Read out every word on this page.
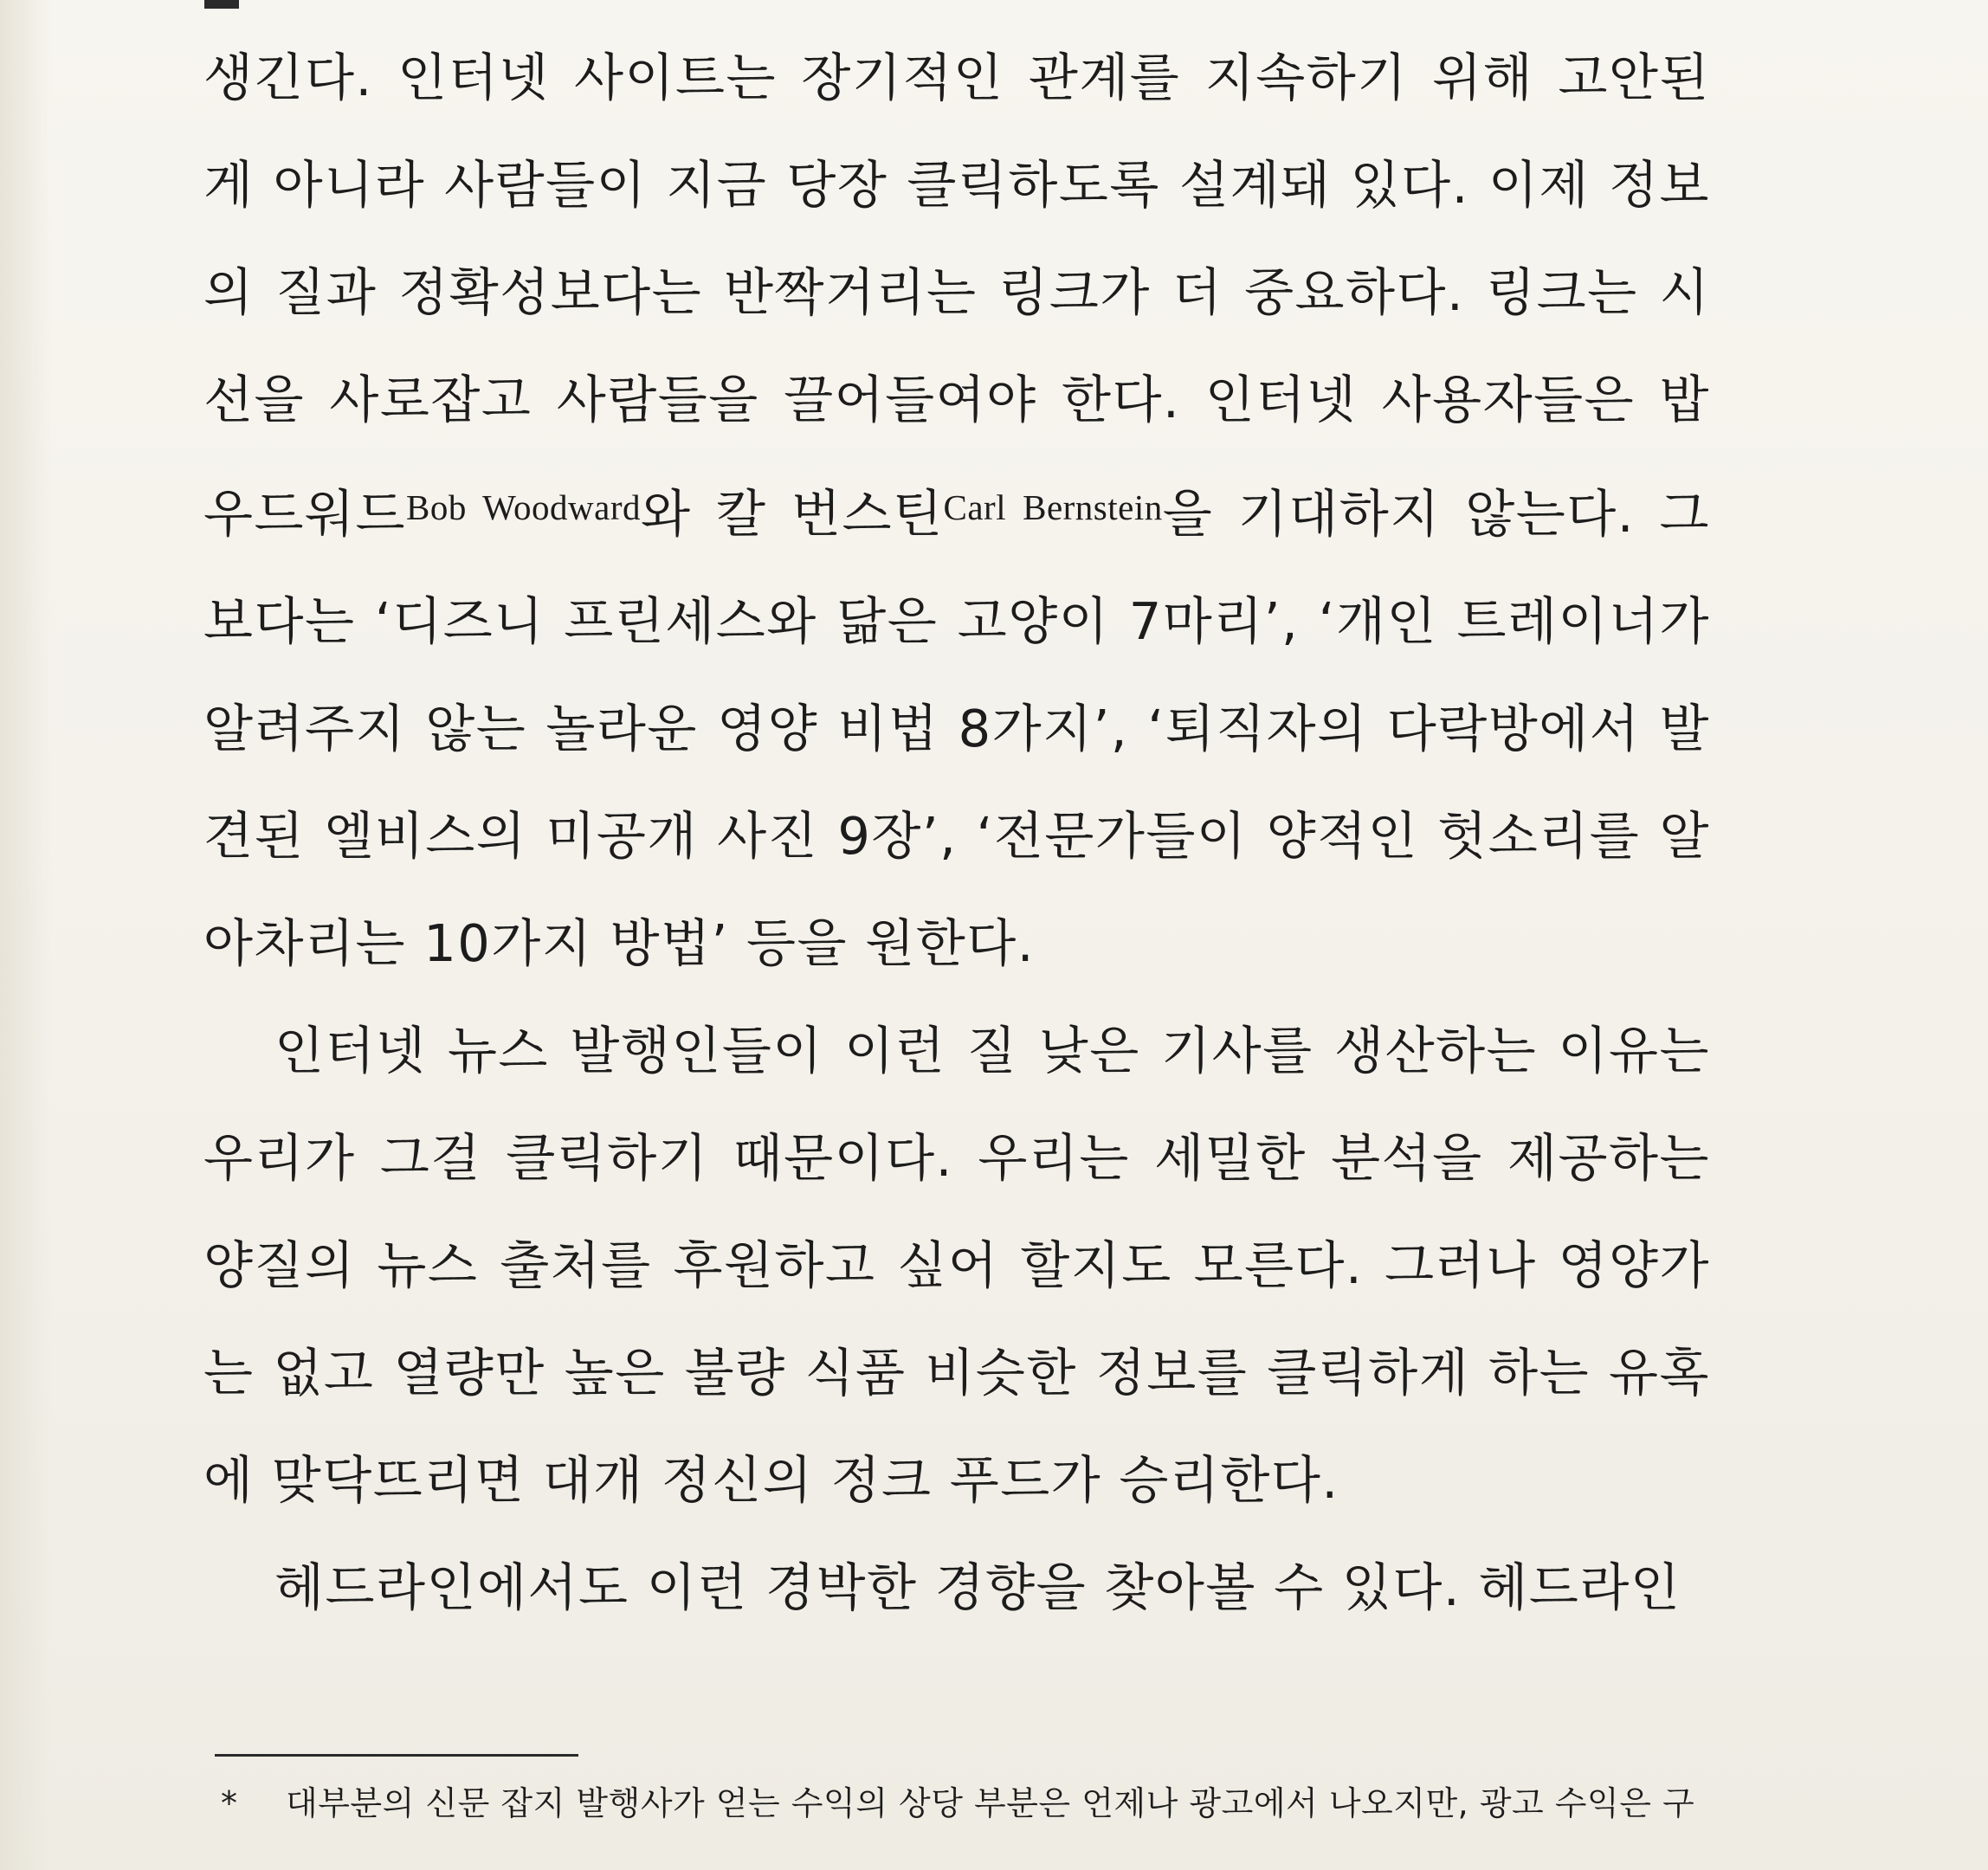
생긴다. 인터넷 사이트는 장기적인 관계를 지속하기 위해 고안된 게 아니라 사람들이 지금 당장 클릭하도록 설계돼 있다. 이제 정보의 질과 정확성보다는 반짝거리는 링크가 더 중요하다. 링크는 시선을 사로잡고 사람들을 끌어들여야 한다. 인터넷 사용자들은 밥 우드워드$^{Bob Woodward}$와 칼 번스틴$^{Carl Bernstein}$을 기대하지 않는다. 그보다는 ‘디즈니 프린세스와 닮은 고양이 7마리’, ‘개인 트레이너가 알려주지 않는 놀라운 영양 비법 8가지’, ‘퇴직자의 다락방에서 발견된 엘비스의 미공개 사진 9장’, ‘전문가들이 양적인 헛소리를 알아차리는 10가지 방법’ 등을 원한다.

인터넷 뉴스 발행인들이 이런 질 낮은 기사를 생산하는 이유는 우리가 그걸 클릭하기 때문이다. 우리는 세밀한 분석을 제공하는 양질의 뉴스 출처를 후원하고 싶어 할지도 모른다. 그러나 영양가는 없고 열량만 높은 불량 식품 비슷한 정보를 클릭하게 하는 유혹에 맞닥뜨리면 대개 정신의 정크 푸드가 승리한다.

헤드라인에서도 이런 경박한 경향을 찾아볼 수 있다. 헤드라인

* 대부분의 신문 잡지 발행사가 얻는 수익의 상당 부분은 언제나 광고에서 나오지만, 광고 수익은 구
